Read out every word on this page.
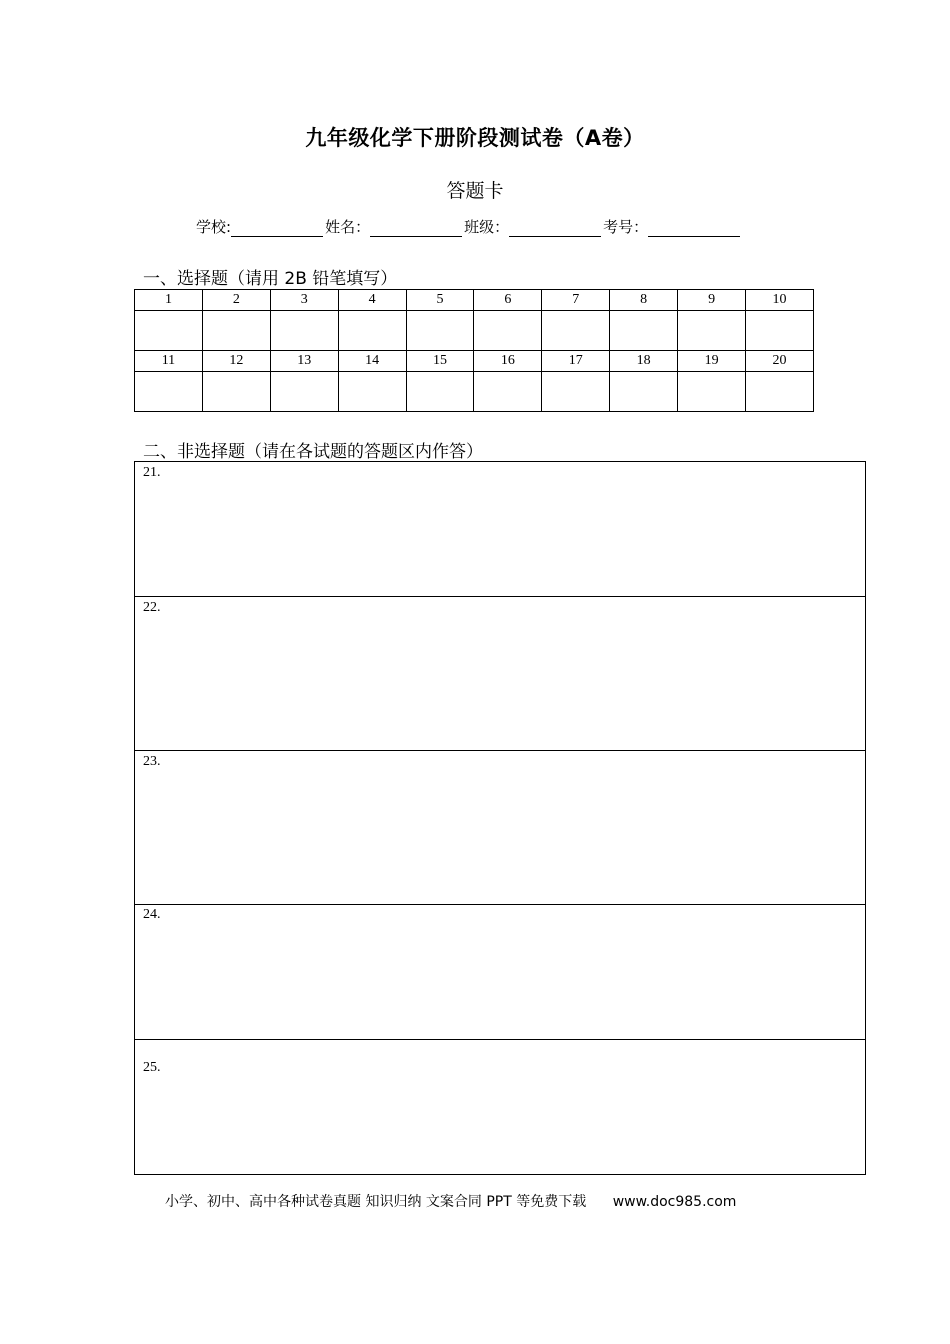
九年级化学下册阶段测试卷（A卷）
答题卡
学校:	姓名：	班级：	考号：
一、选择题（请用 2B 铅笔填写）
1	2	3	4	5	6	7	8	9	10

11	12	13	14	15	16	17	18	19	20

二、非选择题（请在各试题的答题区内作答）
21.
22.
23.
24.
25.
小学、初中、高中各种试卷真题 知识归纳 文案合同 PPT 等免费下载 www.doc985.com
